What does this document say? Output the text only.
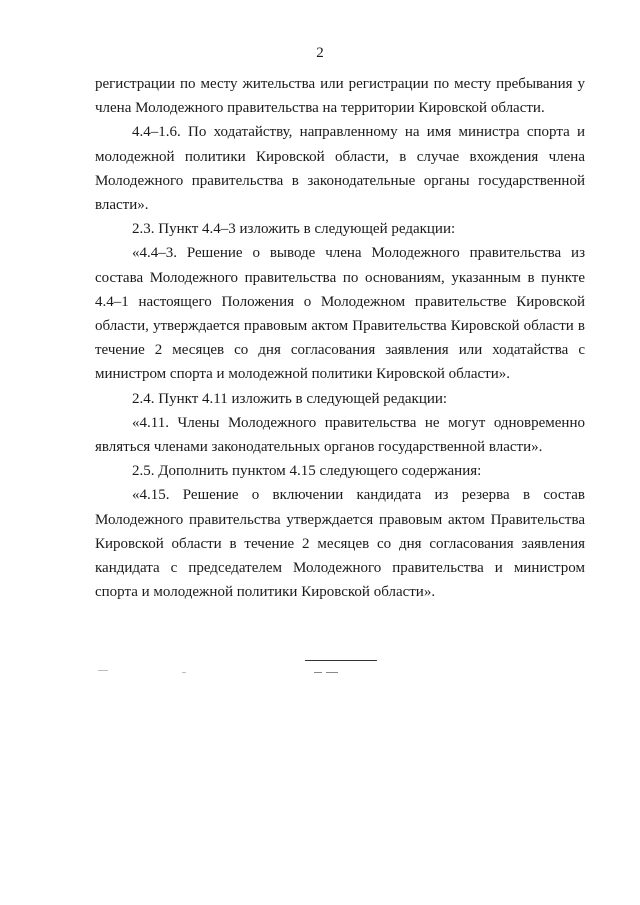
2

регистрации по месту жительства или регистрации по месту пребывания у члена Молодежного правительства на территории Кировской области.

4.4–1.6. По ходатайству, направленному на имя министра спорта и молодежной политики Кировской области, в случае вхождения члена Молодежного правительства в законодательные органы государственной власти».

2.3. Пункт 4.4–3 изложить в следующей редакции:

«4.4–3. Решение о выводе члена Молодежного правительства из состава Молодежного правительства по основаниям, указанным в пункте 4.4–1 настоящего Положения о Молодежном правительстве Кировской области, утверждается правовым актом Правительства Кировской области в течение 2 месяцев со дня согласования заявления или ходатайства с министром спорта и молодежной политики Кировской области».

2.4. Пункт 4.11 изложить в следующей редакции:

«4.11. Члены Молодежного правительства не могут одновременно являться членами законодательных органов государственной власти».

2.5. Дополнить пунктом 4.15 следующего содержания:

«4.15. Решение о включении кандидата из резерва в состав Молодежного правительства утверждается правовым актом Правительства Кировской области в течение 2 месяцев со дня согласования заявления кандидата с председателем Молодежного правительства и министром спорта и молодежной политики Кировской области».
